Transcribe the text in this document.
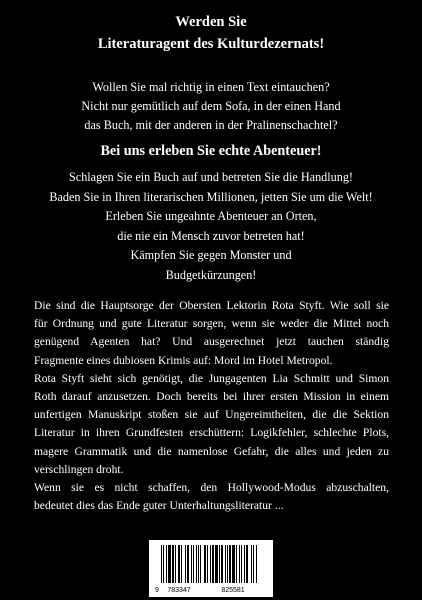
Werden Sie
Literaturagent des Kulturdezernats!
Wollen Sie mal richtig in einen Text eintauchen?
Nicht nur gemütlich auf dem Sofa, in der einen Hand
das Buch, mit der anderen in der Pralinenschachtel?
Bei uns erleben Sie echte Abenteuer!
Schlagen Sie ein Buch auf und betreten Sie die Handlung!
Baden Sie in Ihren literarischen Millionen, jetten Sie um die Welt!
Erleben Sie ungeahnte Abenteuer an Orten,
die nie ein Mensch zuvor betreten hat!
Kämpfen Sie gegen Monster und
Budgetkürzungen!
Die sind die Hauptsorge der Obersten Lektorin Rota Styft. Wie soll sie
für Ordnung und gute Literatur sorgen, wenn sie weder die Mittel noch
genügend Agenten hat? Und ausgerechnet jetzt tauchen ständig
Fragmente eines dubiosen Krimis auf: Mord im Hotel Metropol.
Rota Styft sieht sich genötigt, die Jungagenten Lia Schmitt und Simon
Roth darauf anzusetzen. Doch bereits bei ihrer ersten Mission in einem
unfertigen Manuskript stoßen sie auf Ungereimtheiten, die die Sektion
Literatur in ihren Grundfesten erschüttern: Logikfehler, schlechte Plots,
magere Grammatik und die namenlose Gefahr, die alles und jeden zu
verschlingen droht.
Wenn sie es nicht schaffen, den Hollywood-Modus abzuschalten,
bedeutet dies das Ende guter Unterhaltungsliteratur ...
9 783347	825581
